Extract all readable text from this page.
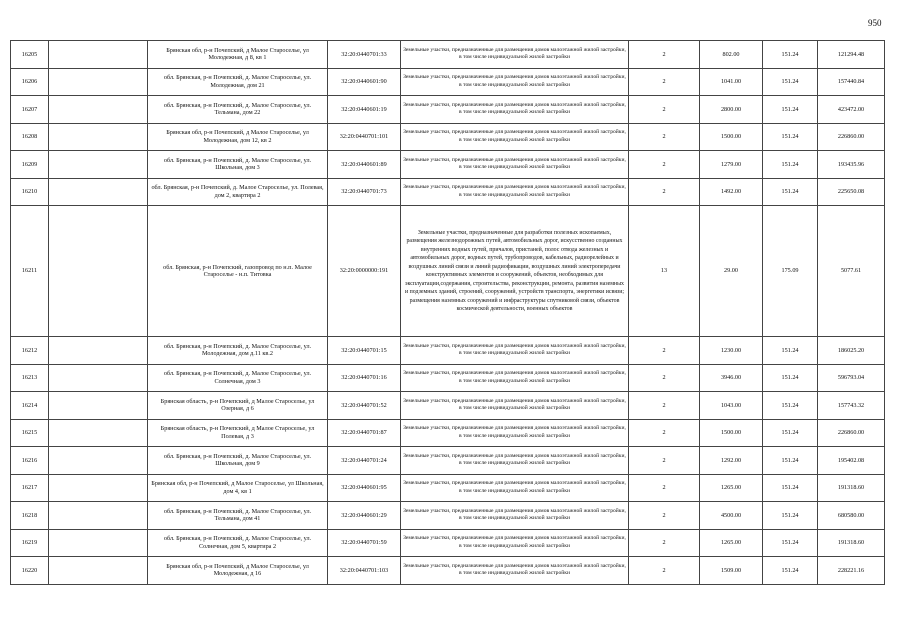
950
16205		Брянская обл, р-н Почепский, д Малое Старосельe, ул Молодежная, д 8, кв 1	32:20:0440701:33	Земельные участки, предназначенные для размещения домов малоэтажной жилой застройки, в том числе индивидуальной жилой застройки	2	802.00	151.24	121294.48
16206		обл. Брянская, р-н Почепский, д. Малое Старосельe, ул. Молодежная, дом 21	32:20:0440601:90	Земельные участки, предназначенные для размещения домов малоэтажной жилой застройки, в том числе индивидуальной жилой застройки	2	1041.00	151.24	157440.84
16207		обл. Брянская, р-н Почепский, д. Малое Старосельe, ул. Тельмана, дом 22	32:20:0440601:19	Земельные участки, предназначенные для размещения домов малоэтажной жилой застройки, в том числе индивидуальной жилой застройки	2	2800.00	151.24	423472.00
16208		Брянская обл, р-н Почепский, д Малое Старосельe, ул Молодежная, дом 12, кв 2	32:20:0440701:101	Земельные участки, предназначенные для размещения домов малоэтажной жилой застройки, в том числе индивидуальной жилой застройки	2	1500.00	151.24	226860.00
16209		обл. Брянская, р-н Почепский, д. Малое Старосельe, ул. Школьная, дом 3	32:20:0440601:89	Земельные участки, предназначенные для размещения домов малоэтажной жилой застройки, в том числе индивидуальной жилой застройки	2	1279.00	151.24	193435.96
16210		обл. Брянская, р-н Почепский, д. Малое Старосельe, ул. Полевая, дом 2, квартира 2	32:20:0440701:73	Земельные участки, предназначенные для размещения домов малоэтажной жилой застройки, в том числе индивидуальной жилой застройки	2	1492.00	151.24	225650.08
16211		обл. Брянская, р-н Почепский, газопровод по н.п. Малое Старосельe - н.п. Титовка	32:20:0000000:191	Земельные участки, предназначенные для разработки полезных ископаемых, размещения железнодорожных путей, автомобильных дорог, искусственно созданных внутренних водных путей, причалов, пристаней, полос отвода железных и автомобильных дорог, водных путей, трубопроводов, кабельных, радиорелейных и воздушных линий связи и линий радиофикации, воздушных линий электропередачи конструктивных элементов и сооружений, объектов, необходимых для эксплуатации,содержания, строительства, реконструкции, ремонта, развития наземных и подземных зданий, строений, сооружений, устройств транспорта, энергетики исвязи; размещения наземных сооружений и инфраструктуры спутниковой связи, объектов космической деятельности, военных объектов	13	29.00	175.09	5077.61
16212		обл. Брянская, р-н Почепский, д. Малое Старосельe, ул. Молодежная, дом д.11 кв.2	32:20:0440701:15	Земельные участки, предназначенные для размещения домов малоэтажной жилой застройки, в том числе индивидуальной жилой застройки	2	1230.00	151.24	186025.20
16213		обл. Брянская, р-н Почепский, д. Малое Старосельe, ул. Солнечная, дом 3	32:20:0440701:16	Земельные участки, предназначенные для размещения домов малоэтажной жилой застройки, в том числе индивидуальной жилой застройки	2	3946.00	151.24	596793.04
16214		Брянская область, р-н Почепский, д Малое Старосельe, ул Озерная, д 6	32:20:0440701:52	Земельные участки, предназначенные для размещения домов малоэтажной жилой застройки, в том числе индивидуальной жилой застройки	2	1043.00	151.24	157743.32
16215		Брянская область, р-н Почепский, д Малое Старосельe, ул Полевая, д 3	32:20:0440701:87	Земельные участки, предназначенные для размещения домов малоэтажной жилой застройки, в том числе индивидуальной жилой застройки	2	1500.00	151.24	226860.00
16216		обл. Брянская, р-н Почепский, д. Малое Старосельe, ул. Школьная, дом 9	32:20:0440701:24	Земельные участки, предназначенные для размещения домов малоэтажной жилой застройки, в том числе индивидуальной жилой застройки	2	1292.00	151.24	195402.08
16217		Брянская обл, р-н Почепский, д Малое Старосельe, ул Школьная, дом 4, кв 1	32:20:0440601:95	Земельные участки, предназначенные для размещения домов малоэтажной жилой застройки, в том числе индивидуальной жилой застройки	2	1265.00	151.24	191318.60
16218		обл. Брянская, р-н Почепский, д. Малое Старосельe, ул. Тельмана, дом 41	32:20:0440601:29	Земельные участки, предназначенные для размещения домов малоэтажной жилой застройки, в том числе индивидуальной жилой застройки	2	4500.00	151.24	680580.00
16219		обл. Брянская, р-н Почепский, д. Малое Старосельe, ул. Солнечная, дом 5, квартира 2	32:20:0440701:59	Земельные участки, предназначенные для размещения домов малоэтажной жилой застройки, в том числе индивидуальной жилой застройки	2	1265.00	151.24	191318.60
16220		Брянская обл, р-н Почепский, д Малое Старосельe, ул Молодежная, д 16	32:20:0440701:103	Земельные участки, предназначенные для размещения домов малоэтажной жилой застройки, в том числе индивидуальной жилой застройки	2	1509.00	151.24	228221.16
